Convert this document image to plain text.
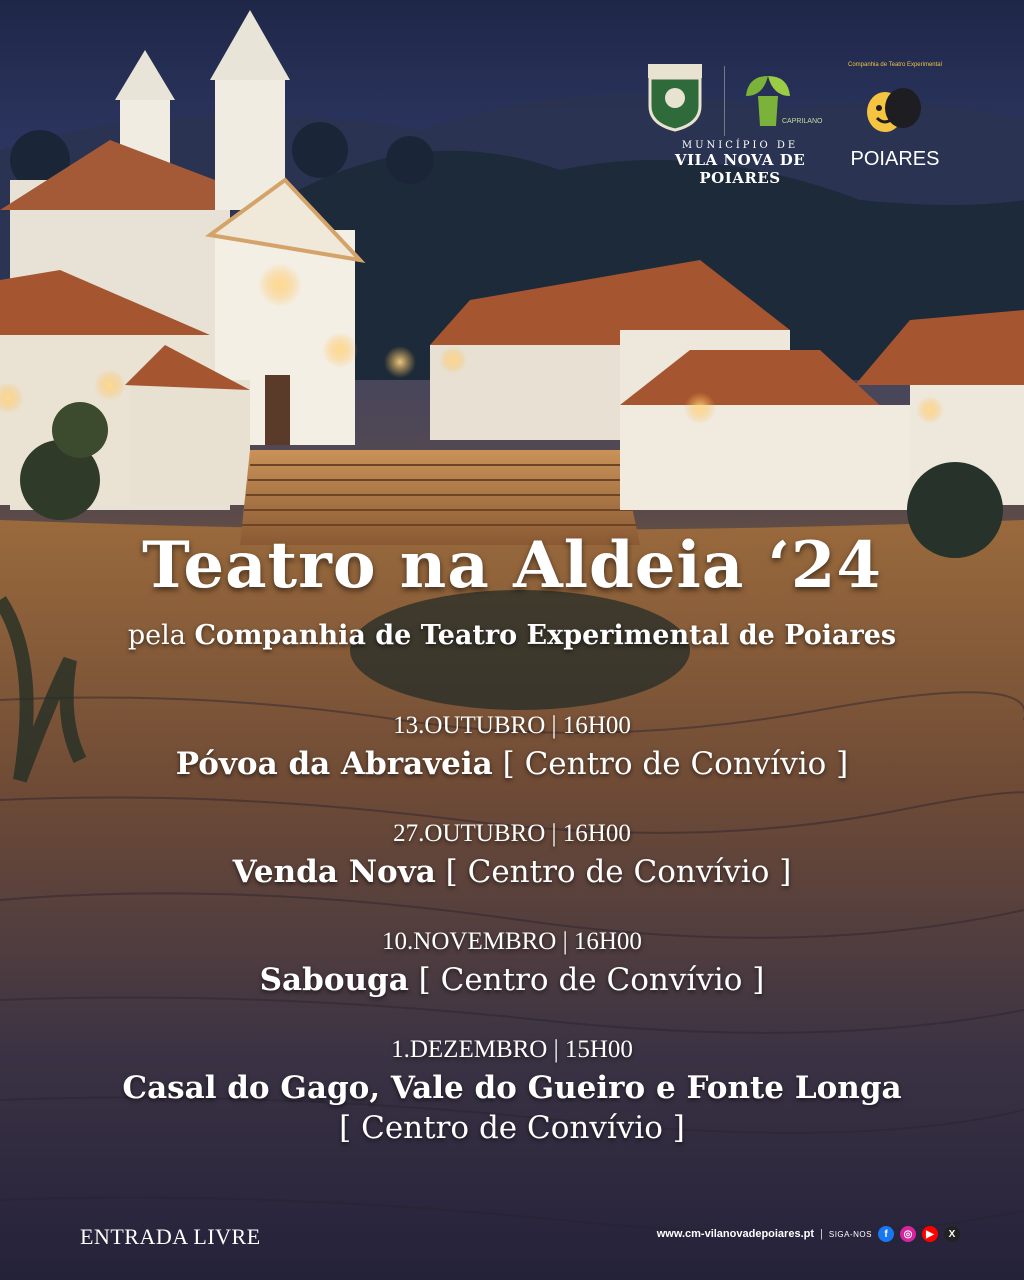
CAPRILANO
MUNICÍPIO DE
VILA NOVA DE POIARES
Companhia de Teatro Experimental
POIARES
Teatro na Aldeia ‘24
pela Companhia de Teatro Experimental de Poiares
13.OUTUBRO | 16H00
Póvoa da Abraveia [ Centro de Convívio ]
27.OUTUBRO | 16H00
Venda Nova [ Centro de Convívio ]
10.NOVEMBRO | 16H00
Sabouga [ Centro de Convívio ]
1.DEZEMBRO | 15H00
Casal do Gago, Vale do Gueiro e Fonte Longa
[ Centro de Convívio ]
ENTRADA LIVRE	www.cm-vilanovadepoiares.pt | SIGA-NOS	f	◎	▶	X
